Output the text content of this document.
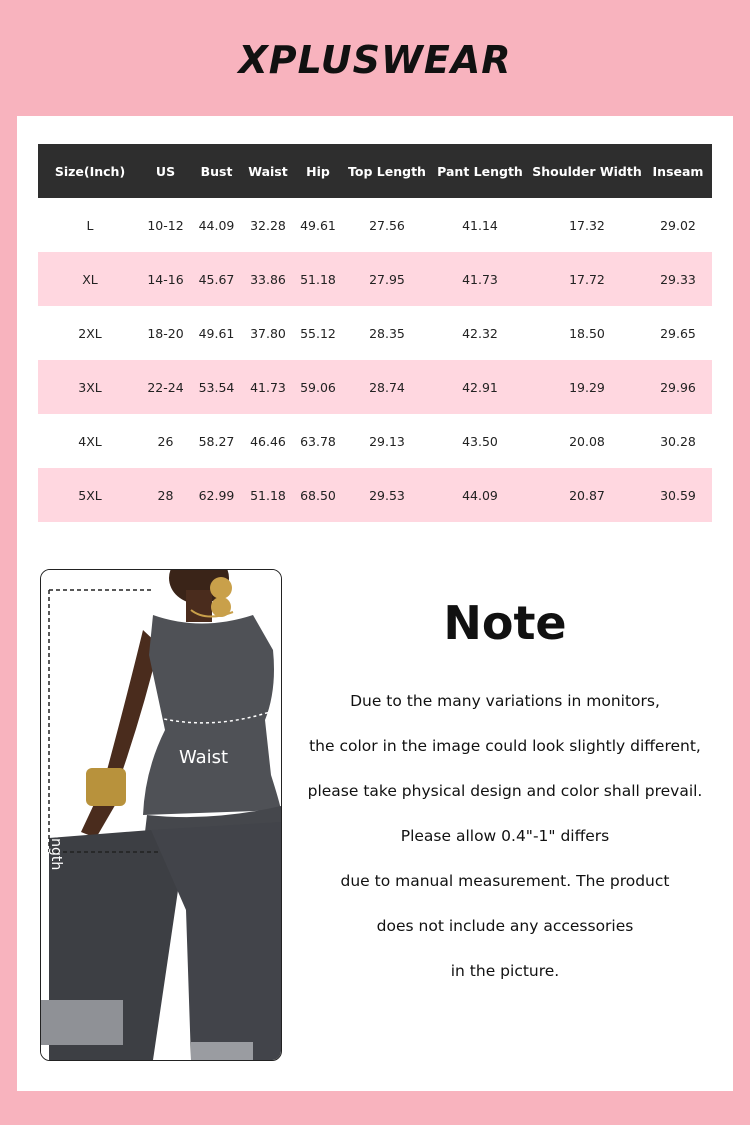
XPLUSWEAR
Size(Inch)	US	Bust	Waist	Hip	Top Length	Pant Length	Shoulder Width	Inseam
L	10-12	44.09	32.28	49.61	27.56	41.14	17.32	29.02
XL	14-16	45.67	33.86	51.18	27.95	41.73	17.72	29.33
2XL	18-20	49.61	37.80	55.12	28.35	42.32	18.50	29.65
3XL	22-24	53.54	41.73	59.06	28.74	42.91	19.29	29.96
4XL	26	58.27	46.46	63.78	29.13	43.50	20.08	30.28
5XL	28	62.99	51.18	68.50	29.53	44.09	20.87	30.59
Length
Waist
Note
Due to the many variations in monitors,
the color in the image could look slightly different,
please take physical design and color shall prevail.
Please allow 0.4"-1" differs
due to manual measurement. The product
does not include any accessories
in the picture.
